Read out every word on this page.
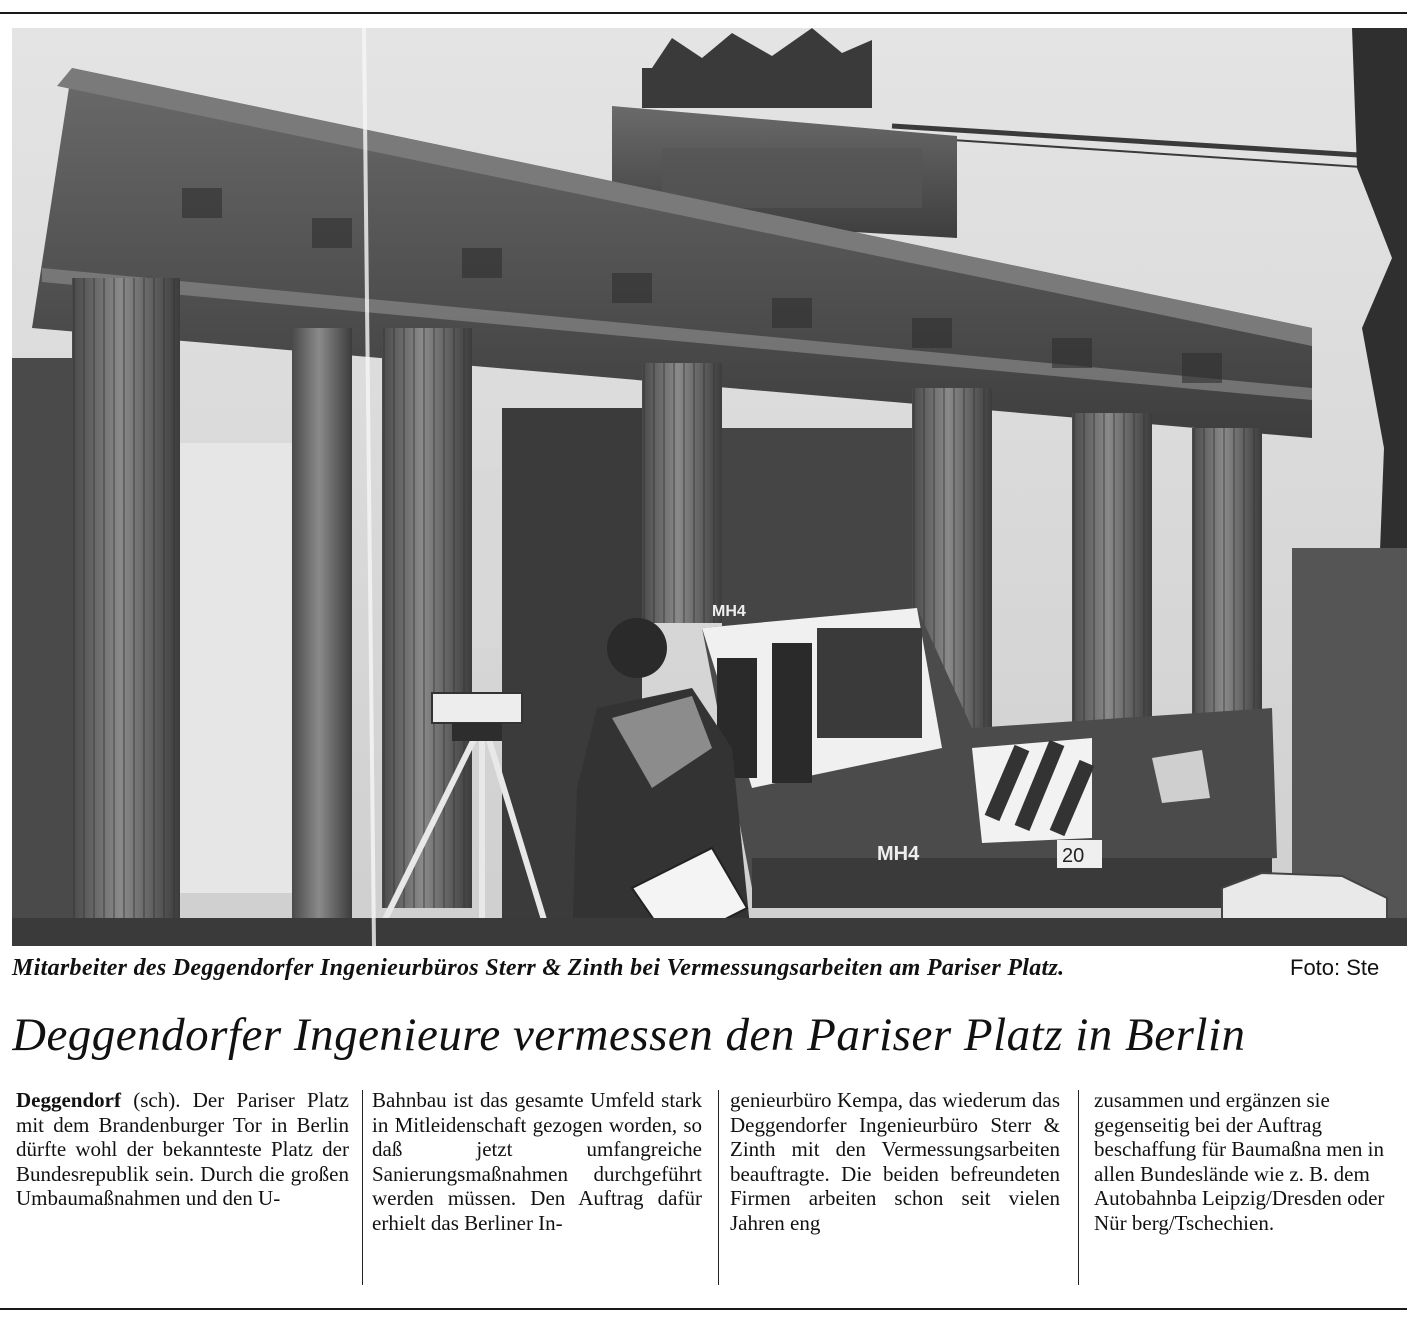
20
MH4
MH4
Mitarbeiter des Deggendorfer Ingenieurbüros Sterr & Zinth bei Vermessungsarbeiten am Pariser Platz.	Foto: Ste
Deggendorfer Ingenieure vermessen den Pariser Platz in Berlin
Deggendorf (sch). Der Pariser Platz mit dem Brandenburger Tor in Berlin dürfte wohl der bekannteste Platz der Bundesrepublik sein. Durch die großen Umbaumaßnahmen und den U-
Bahnbau ist das gesamte Umfeld stark in Mitleidenschaft gezogen worden, so daß jetzt umfangreiche Sanierungsmaßnahmen durchgeführt werden müssen. Den Auftrag dafür erhielt das Berliner In-
genieurbüro Kempa, das wiederum das Deggendorfer Ingenieurbüro Sterr & Zinth mit den Vermessungsarbeiten beauftragte. Die beiden befreundeten Firmen arbeiten schon seit vielen Jahren eng
zusammen und ergänzen sie gegenseitig bei der Auftrag beschaffung für Baumaßna men in allen Bundeslände wie z. B. dem Autobahnba Leipzig/Dresden oder Nür berg/Tschechien.
